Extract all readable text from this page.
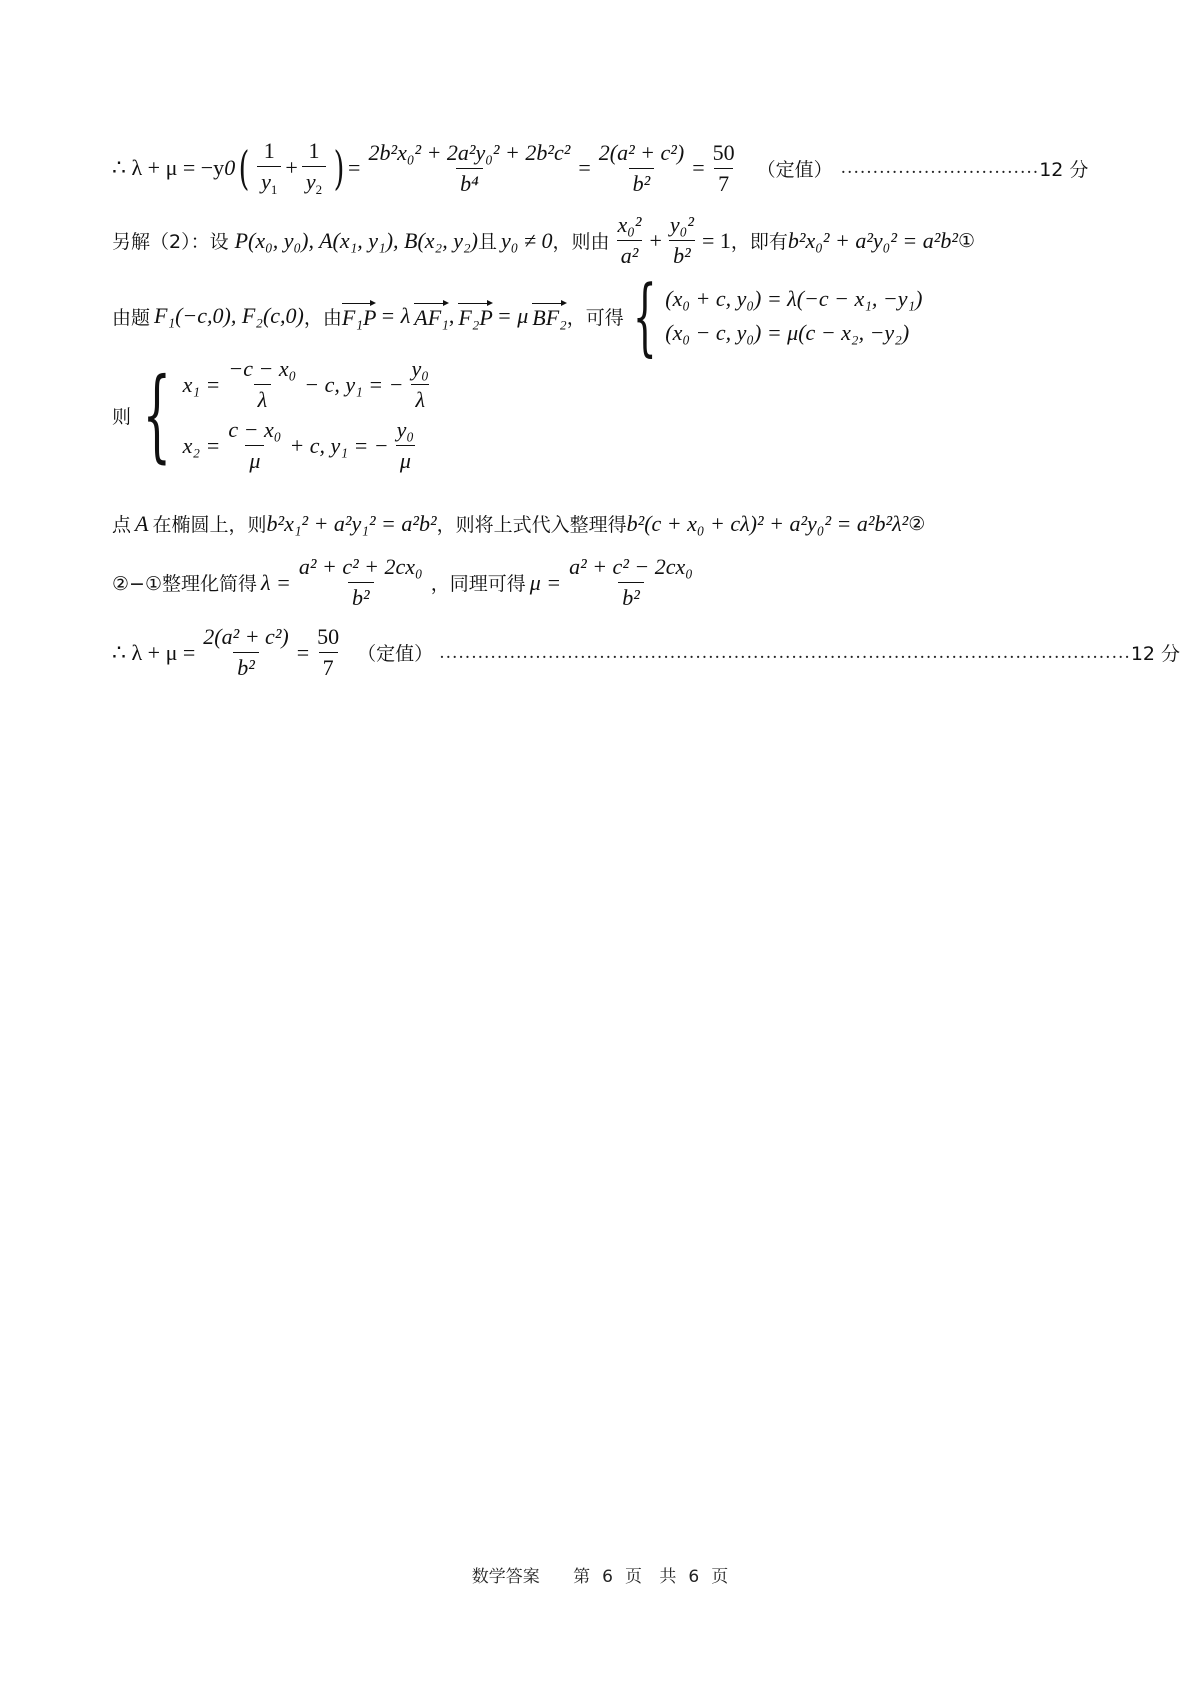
∴ λ + μ = −y 0 ( $\frac{1}{y_1} + \frac{1}{y_2}$ ) = $\frac{\text{2b²x₀² + 2a²y₀² + 2b²c²}}{\text{b⁴}} = \frac{\text{2(a² + c²)}}{\text{b²}} = \frac{50}{7}$ （定值） ............................... 12 分
另解（2）：设 P(x₀, y₀), A(x₁, y₁), B(x₂, y₂) 且 y₀ ≠ 0 ，则由 $\frac{\text{x₀²}}{\text{a²}} + \frac{\text{y₀²}}{\text{b²}} = 1$ ，即有 b²x₀² + a²y₀² = a²b² ①
由题 F₁(−c,0), F₂(c,0) ，由 F₁P = λ AF₁ , F₂P = μ BF₂ ，可得 { (x₀ + c, y₀) = λ(−c − x₁, −y₁)
(x₀ − c, y₀) = μ(c − x₂, −y₂)
则 { $x_1 = \frac{\text{−c − x₀}}{\lambda} - c$, y₁ = − $\frac{\text{y₀}}{\lambda}$
$x_2 = \frac{\text{c − x₀}}{\mu} + c$, y₁ = − $\frac{\text{y₀}}{\mu}$
点 A 在椭圆上，则 b²x₁² + a²y₁² = a²b² ，则将上式代入整理得 b²(c + x₀ + cλ)² + a²y₀² = a²b²λ² ②
②−①整理化简得 $\lambda = \frac{\text{a² + c² + 2cx₀}}{\text{b²}}$ ，同理可得 $\mu = \frac{\text{a² + c² − 2cx₀}}{\text{b²}}$
∴ $\lambda + \mu = \frac{\text{2(a² + c²)}}{\text{b²}} = \frac{50}{7}$ （定值） ............................................................................................................ 12 分
数学答案 第 6 页 共 6 页
